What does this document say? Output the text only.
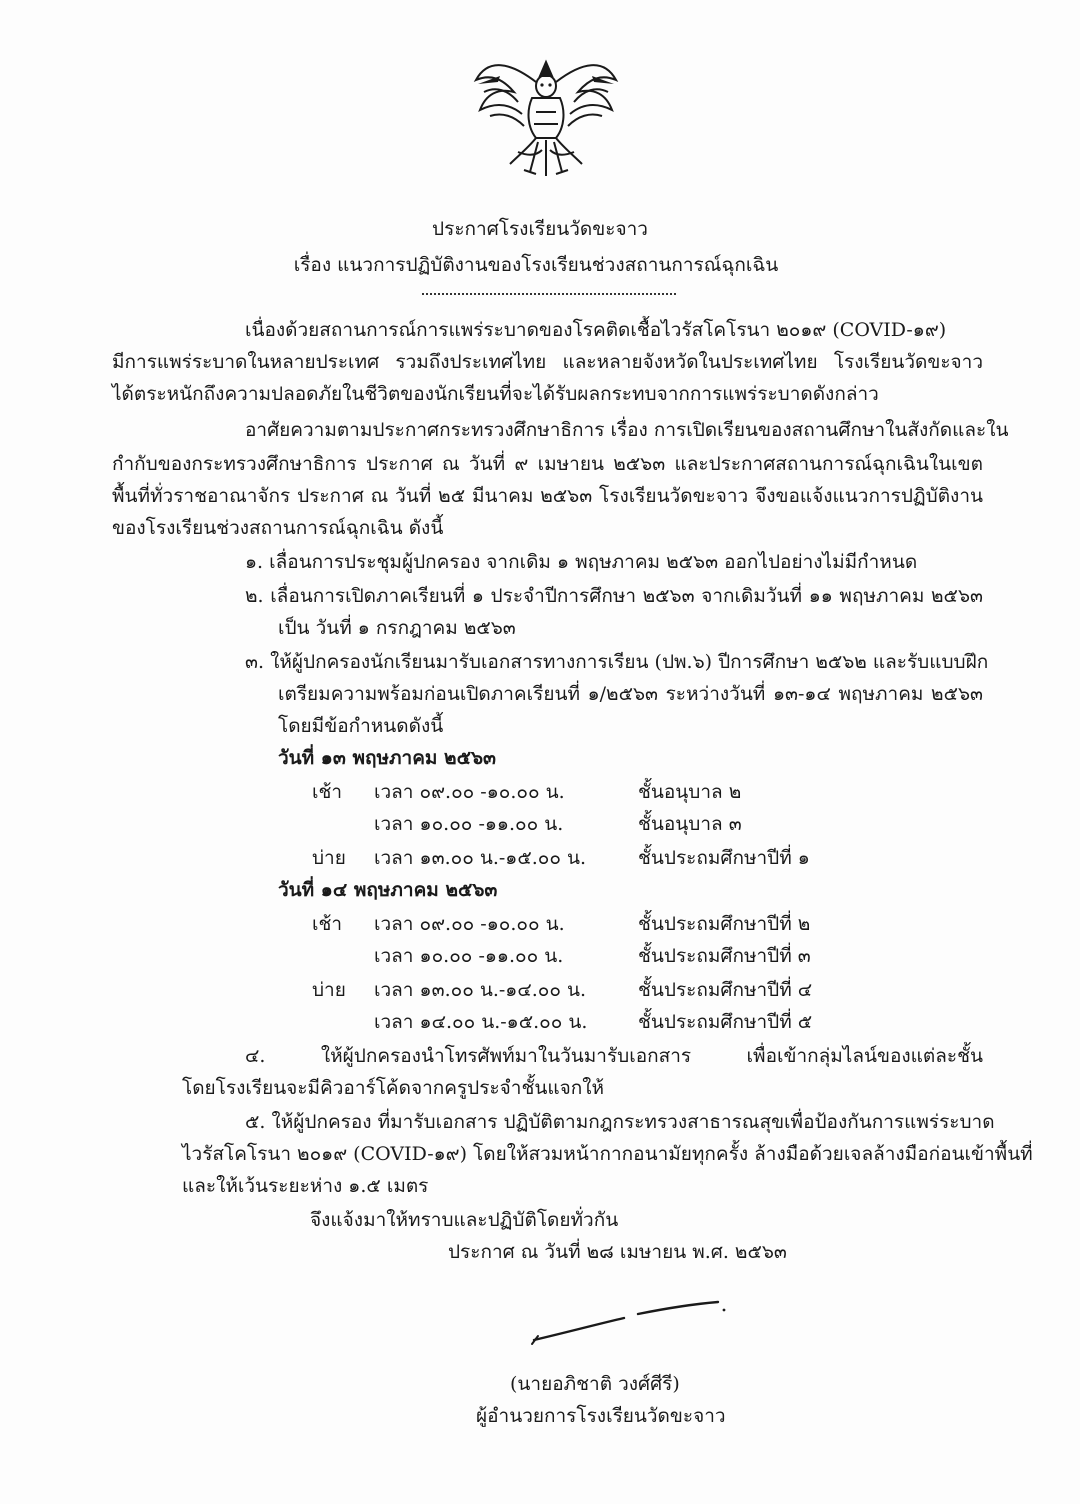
ประกาศโรงเรียนวัดขะจาว
เรื่อง แนวการปฏิบัติงานของโรงเรียนช่วงสถานการณ์ฉุกเฉิน
เนื่องด้วยสถานการณ์การแพร่ระบาดของโรคติดเชื้อไวรัสโคโรนา ๒๐๑๙ (COVID-๑๙)
มีการแพร่ระบาดในหลายประเทศ รวมถึงประเทศไทย และหลายจังหวัดในประเทศไทย โรงเรียนวัดขะจาว
ได้ตระหนักถึงความปลอดภัยในชีวิตของนักเรียนที่จะได้รับผลกระทบจากการแพร่ระบาดดังกล่าว
อาศัยความตามประกาศกระทรวงศึกษาธิการ เรื่อง การเปิดเรียนของสถานศึกษาในสังกัดและใน
กำกับของกระทรวงศึกษาธิการ ประกาศ ณ วันที่ ๙ เมษายน ๒๕๖๓ และประกาศสถานการณ์ฉุกเฉินในเขต
พื้นที่ทั่วราชอาณาจักร ประกาศ ณ วันที่ ๒๕ มีนาคม ๒๕๖๓ โรงเรียนวัดขะจาว จึงขอแจ้งแนวการปฏิบัติงาน
ของโรงเรียนช่วงสถานการณ์ฉุกเฉิน ดังนี้
๑. เลื่อนการประชุมผู้ปกครอง จากเดิม ๑ พฤษภาคม ๒๕๖๓ ออกไปอย่างไม่มีกำหนด
๒. เลื่อนการเปิดภาคเรียนที่ ๑ ประจำปีการศึกษา ๒๕๖๓ จากเดิมวันที่ ๑๑ พฤษภาคม ๒๕๖๓
เป็น วันที่ ๑ กรกฎาคม ๒๕๖๓
๓. ให้ผู้ปกครองนักเรียนมารับเอกสารทางการเรียน (ปพ.๖) ปีการศึกษา ๒๕๖๒ และรับแบบฝึก
เตรียมความพร้อมก่อนเปิดภาคเรียนที่ ๑/๒๕๖๓ ระหว่างวันที่ ๑๓-๑๔ พฤษภาคม ๒๕๖๓
โดยมีข้อกำหนดดังนี้
วันที่ ๑๓ พฤษภาคม ๒๕๖๓
เช้า เวลา ๐๙.๐๐ -๑๐.๐๐ น.	ชั้นอนุบาล ๒
เวลา ๑๐.๐๐ -๑๑.๐๐ น.	ชั้นอนุบาล ๓
บ่าย เวลา ๑๓.๐๐ น.-๑๕.๐๐ น.	ชั้นประถมศึกษาปีที่ ๑
วันที่ ๑๔ พฤษภาคม ๒๕๖๓
เช้า เวลา ๐๙.๐๐ -๑๐.๐๐ น.	ชั้นประถมศึกษาปีที่ ๒
เวลา ๑๐.๐๐ -๑๑.๐๐ น.	ชั้นประถมศึกษาปีที่ ๓
บ่าย เวลา ๑๓.๐๐ น.-๑๔.๐๐ น.	ชั้นประถมศึกษาปีที่ ๔
เวลา ๑๔.๐๐ น.-๑๕.๐๐ น.	ชั้นประถมศึกษาปีที่ ๕
๔. ให้ผู้ปกครองนำโทรศัพท์มาในวันมารับเอกสาร เพื่อเข้ากลุ่มไลน์ของแต่ละชั้น
โดยโรงเรียนจะมีคิวอาร์โค้ดจากครูประจำชั้นแจกให้
๕. ให้ผู้ปกครอง ที่มารับเอกสาร ปฏิบัติตามกฎกระทรวงสาธารณสุขเพื่อป้องกันการแพร่ระบาด
ไวรัสโคโรนา ๒๐๑๙ (COVID-๑๙) โดยให้สวมหน้ากากอนามัยทุกครั้ง ล้างมือด้วยเจลล้างมือก่อนเข้าพื้นที่
และให้เว้นระยะห่าง ๑.๕ เมตร
จึงแจ้งมาให้ทราบและปฏิบัติโดยทั่วกัน
ประกาศ ณ วันที่ ๒๘ เมษายน พ.ศ. ๒๕๖๓
(นายอภิชาติ วงศ์ศีรี)
ผู้อำนวยการโรงเรียนวัดขะจาว
